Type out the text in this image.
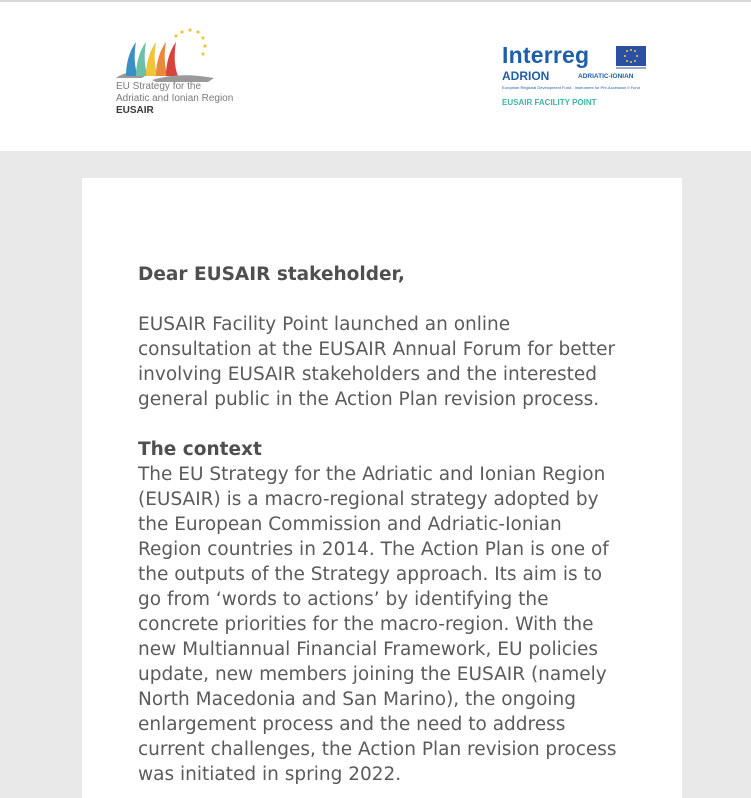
EU Strategy for the
Adriatic and Ionian Region
EUSAIR
Interreg
ADRION	ADRIATIC-IONIAN
European Regional Development Fund - Instrument for Pre-Accession II Fund
EUSAIR FACILITY POINT

Dear EUSAIR stakeholder,

EUSAIR Facility Point launched an online consultation at the EUSAIR Annual Forum for better involving EUSAIR stakeholders and the interested general public in the Action Plan revision process.

The context

The EU Strategy for the Adriatic and Ionian Region (EUSAIR) is a macro-regional strategy adopted by the European Commission and Adriatic-Ionian Region countries in 2014. The Action Plan is one of the outputs of the Strategy approach. Its aim is to go from ‘words to actions’ by identifying the concrete priorities for the macro-region. With the new Multiannual Financial Framework, EU policies update, new members joining the EUSAIR (namely North Macedonia and San Marino), the ongoing enlargement process and the need to address current challenges, the Action Plan revision process was initiated in spring 2022.
